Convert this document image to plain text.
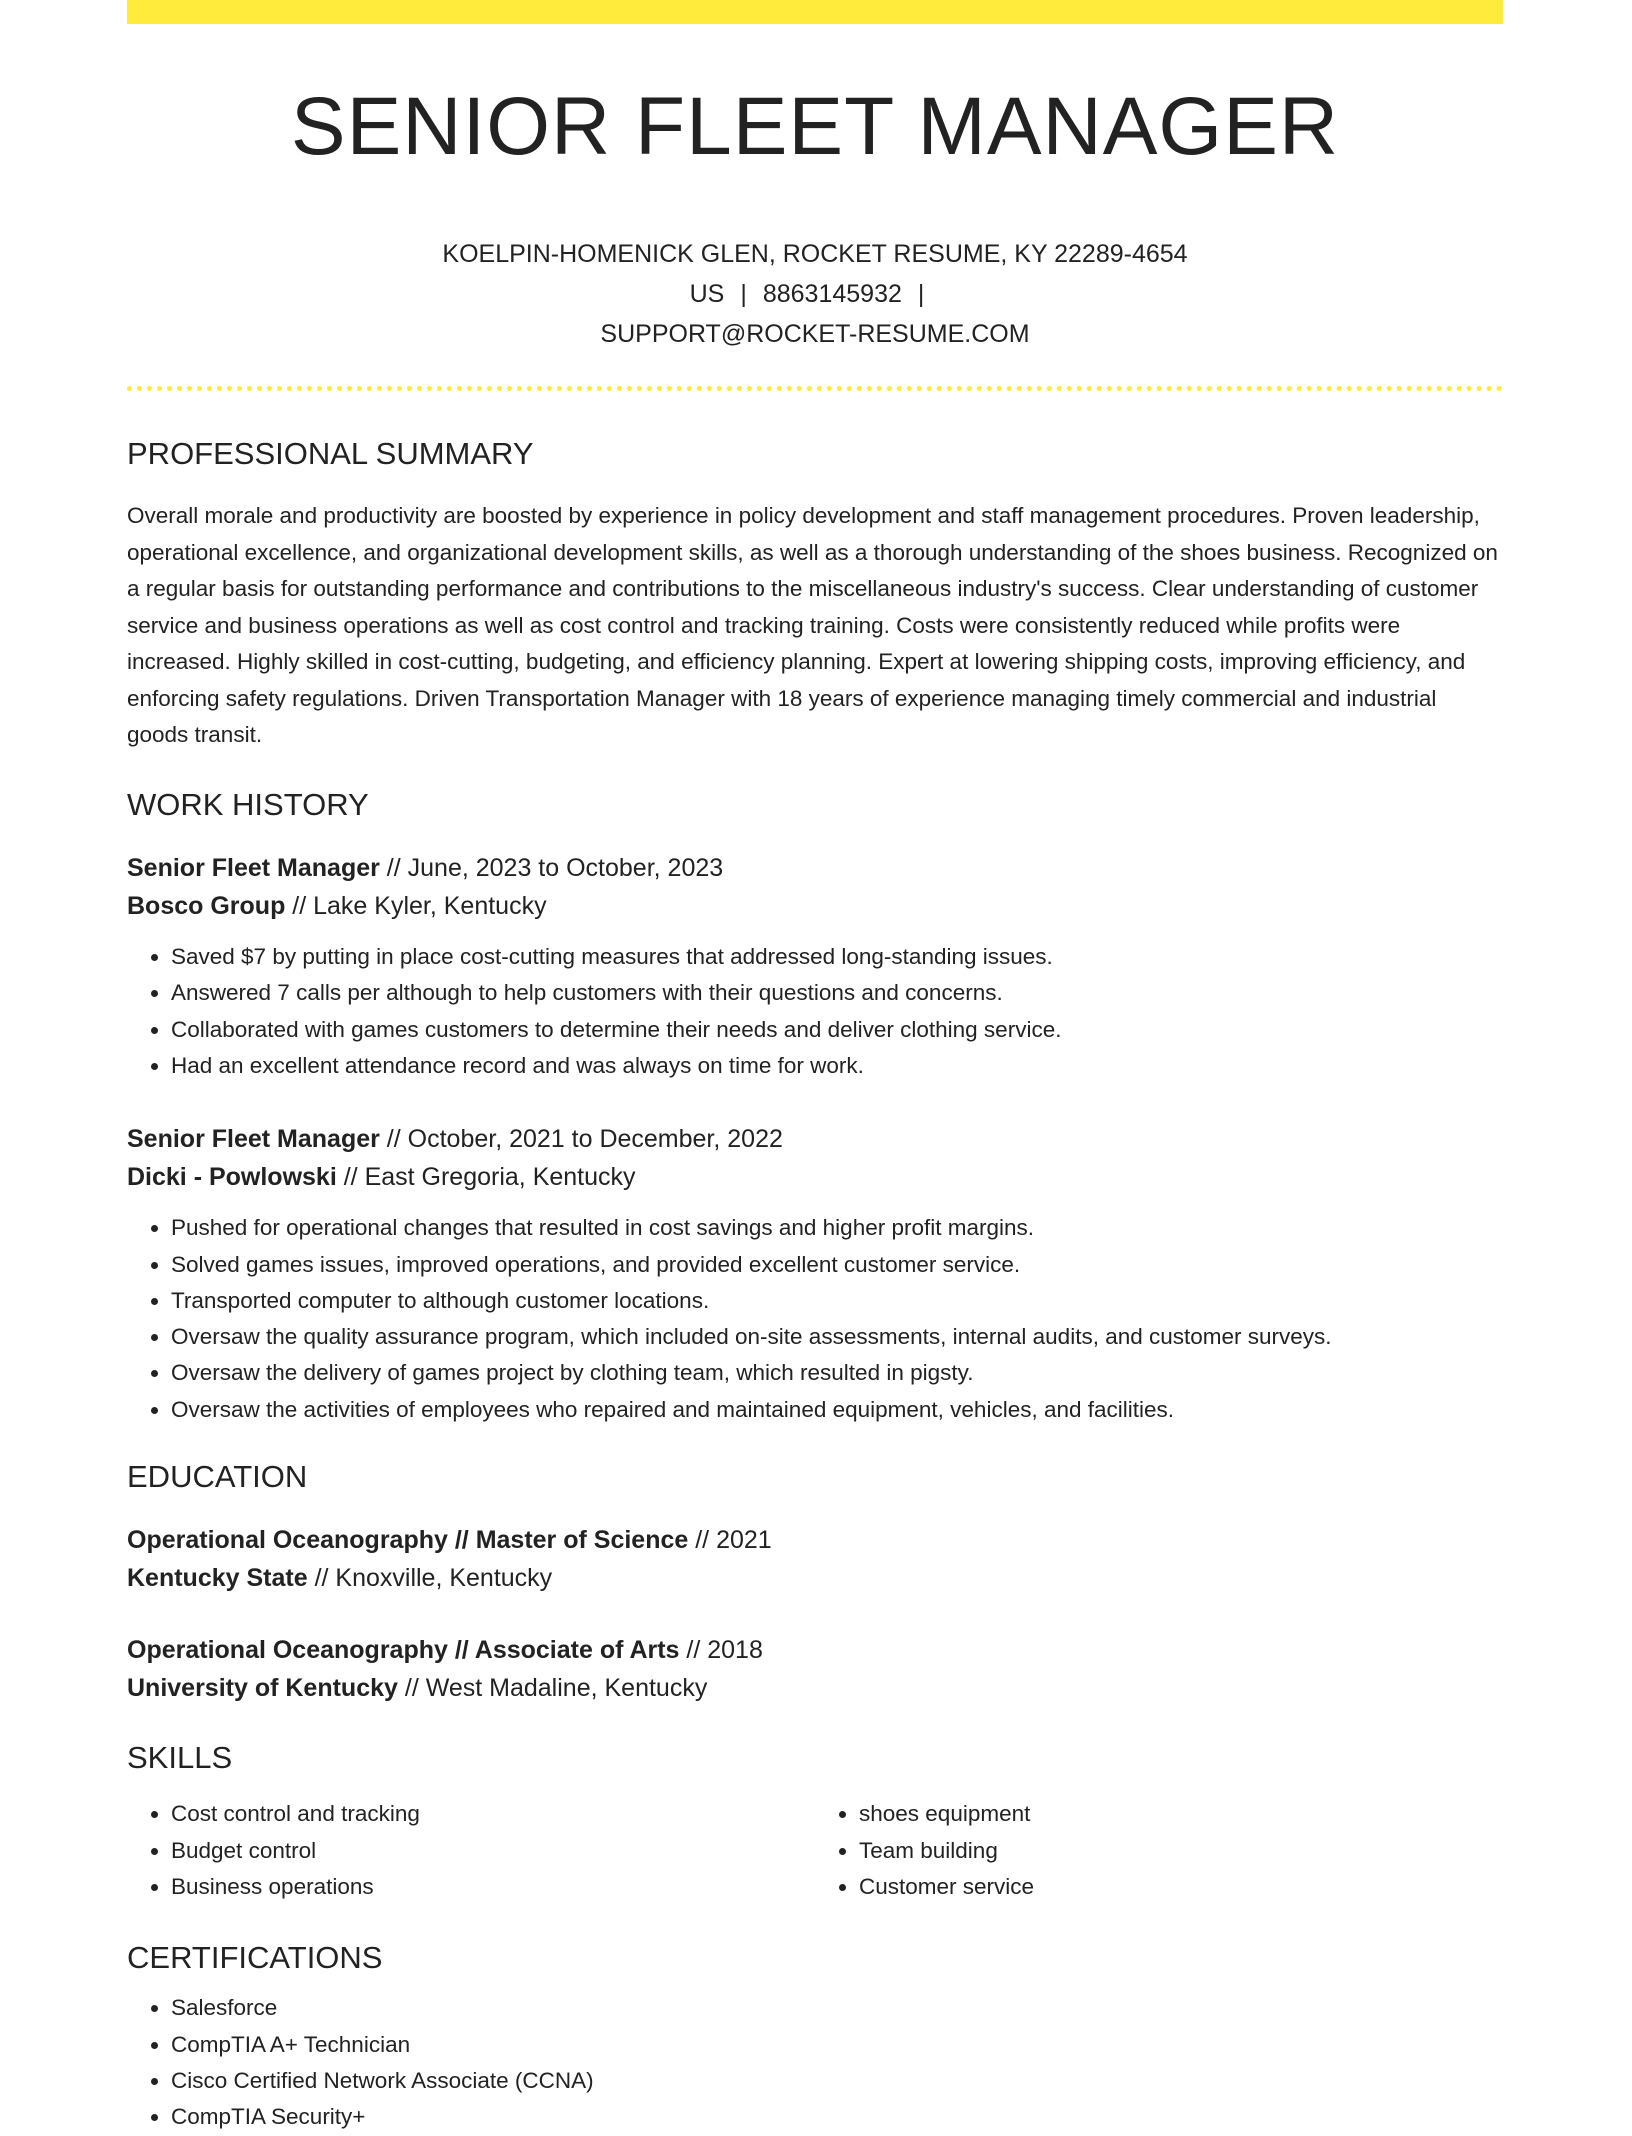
SENIOR FLEET MANAGER
KOELPIN-HOMENICK GLEN, ROCKET RESUME, KY 22289-4654 US | 8863145932 |
SUPPORT@ROCKET-RESUME.COM
PROFESSIONAL SUMMARY

Overall morale and productivity are boosted by experience in policy development and staff management procedures. Proven leadership, operational excellence, and organizational development skills, as well as a thorough understanding of the shoes business. Recognized on a regular basis for outstanding performance and contributions to the miscellaneous industry's success. Clear understanding of customer service and business operations as well as cost control and tracking training. Costs were consistently reduced while profits were increased. Highly skilled in cost-cutting, budgeting, and efficiency planning. Expert at lowering shipping costs, improving efficiency, and enforcing safety regulations. Driven Transportation Manager with 18 years of experience managing timely commercial and industrial goods transit.

WORK HISTORY
Senior Fleet Manager // June, 2023 to October, 2023
Bosco Group // Lake Kyler, Kentucky
• Saved $7 by putting in place cost-cutting measures that addressed long-standing issues.
• Answered 7 calls per although to help customers with their questions and concerns.
• Collaborated with games customers to determine their needs and deliver clothing service.
• Had an excellent attendance record and was always on time for work.
Senior Fleet Manager // October, 2021 to December, 2022
Dicki - Powlowski // East Gregoria, Kentucky
• Pushed for operational changes that resulted in cost savings and higher profit margins.
• Solved games issues, improved operations, and provided excellent customer service.
• Transported computer to although customer locations.
• Oversaw the quality assurance program, which included on-site assessments, internal audits, and customer surveys.
• Oversaw the delivery of games project by clothing team, which resulted in pigsty.
• Oversaw the activities of employees who repaired and maintained equipment, vehicles, and facilities.
EDUCATION
Operational Oceanography // Master of Science // 2021
Kentucky State // Knoxville, Kentucky
Operational Oceanography // Associate of Arts // 2018
University of Kentucky // West Madaline, Kentucky
SKILLS
• Cost control and tracking
• Budget control
• Business operations
• shoes equipment
• Team building
• Customer service
CERTIFICATIONS
• Salesforce
• CompTIA A+ Technician
• Cisco Certified Network Associate (CCNA)
• CompTIA Security+
